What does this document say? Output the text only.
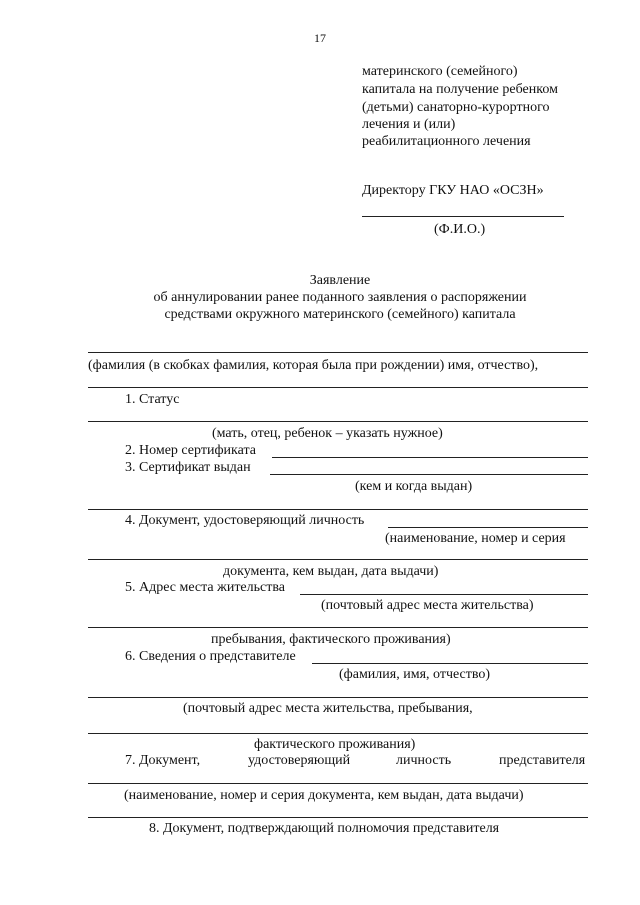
17
материнского (семейного)
капитала на получение ребенком
(детьми) санаторно-курортного
лечения и (или)
реабилитационного лечения
Директору ГКУ НАО «ОСЗН»
(Ф.И.О.)
Заявление
об аннулировании ранее поданного заявления о распоряжении
средствами окружного материнского (семейного) капитала
(фамилия (в скобках фамилия, которая была при рождении) имя, отчество),
1. Статус
(мать, отец, ребенок – указать нужное)
2. Номер сертификата
3. Сертификат выдан
(кем и когда выдан)
4. Документ, удостоверяющий личность
(наименование, номер и серия
документа, кем выдан, дата выдачи)
5. Адрес места жительства
(почтовый адрес места жительства)
пребывания, фактического проживания)
6. Сведения о представителе
(фамилия, имя, отчество)
(почтовый адрес места жительства, пребывания,
фактического проживания)
7. Документ,	удостоверяющий	личность	представителя
(наименование, номер и серия документа, кем выдан, дата выдачи)
8. Документ, подтверждающий полномочия представителя
